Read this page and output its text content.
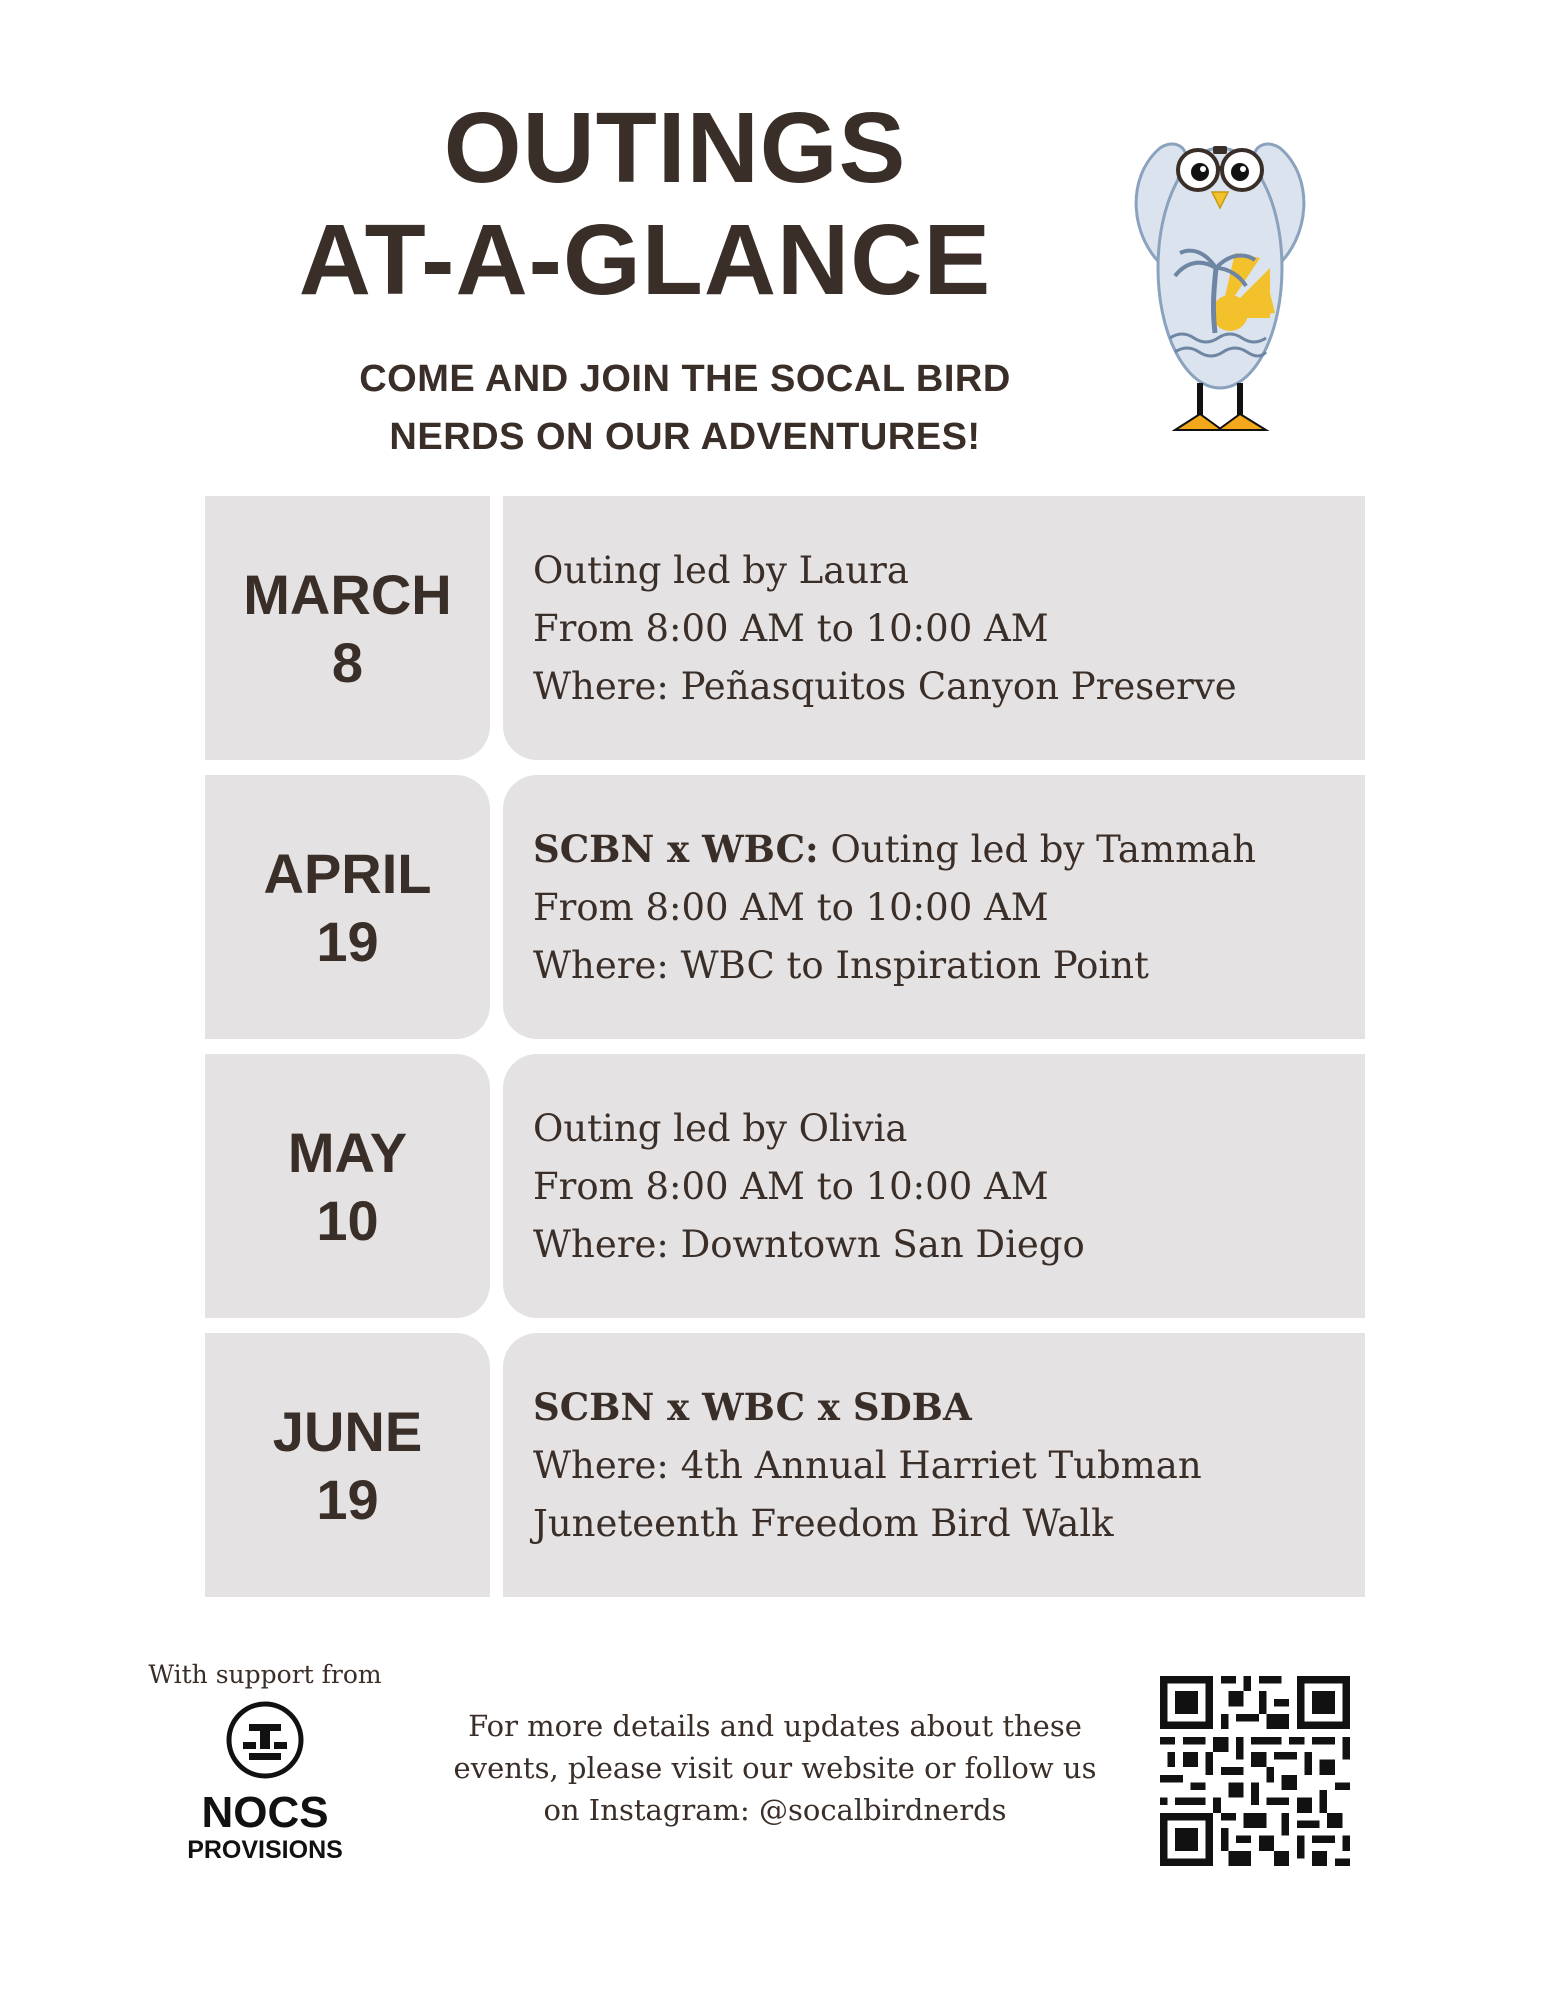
OUTINGS
AT-A-GLANCE
COME AND JOIN THE SOCAL BIRD
NERDS ON OUR ADVENTURES!
MARCH
8
Outing led by Laura
From 8:00 AM to 10:00 AM
Where: Peñasquitos Canyon Preserve
APRIL
19
SCBN x WBC: Outing led by Tammah
From 8:00 AM to 10:00 AM
Where: WBC to Inspiration Point
MAY
10
Outing led by Olivia
From 8:00 AM to 10:00 AM
Where: Downtown San Diego
JUNE
19
SCBN x WBC x SDBA
Where: 4th Annual Harriet Tubman
Juneteenth Freedom Bird Walk
With support from
NOCS
PROVISIONS
For more details and updates about these
events, please visit our website or follow us
on Instagram: @socalbirdnerds
